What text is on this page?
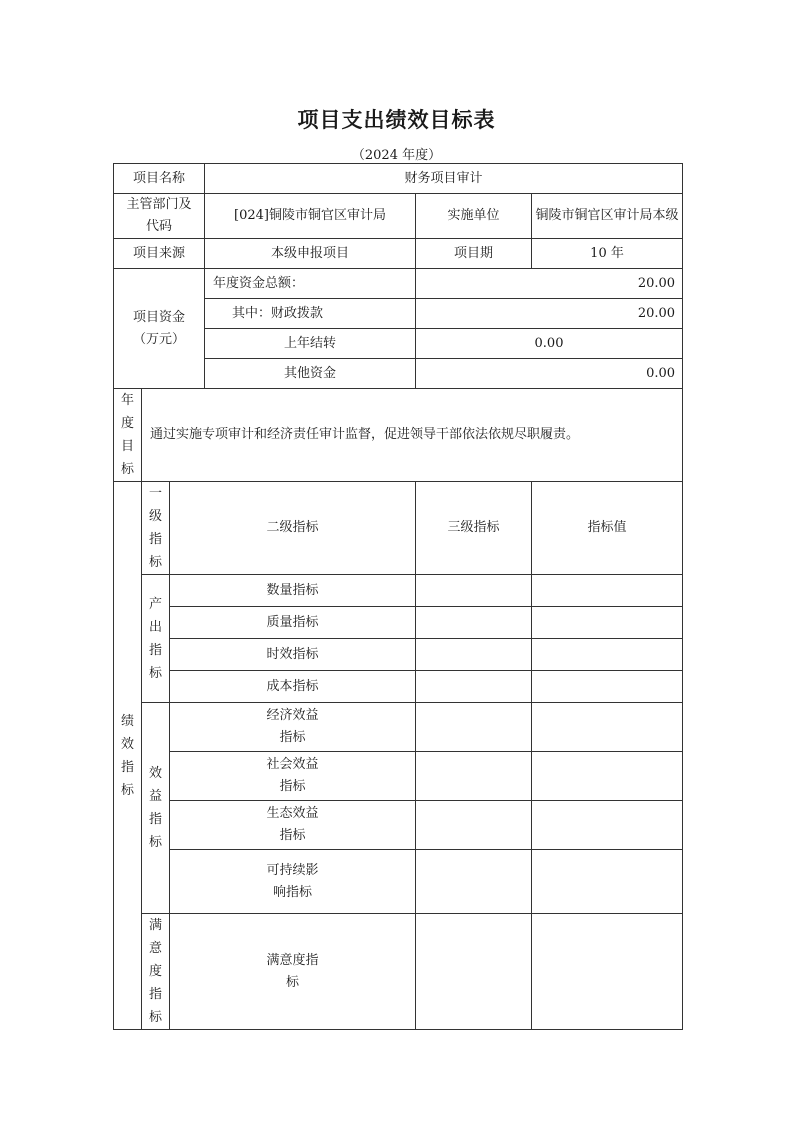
项目支出绩效目标表
（2024 年度）
项目名称			财务项目审计		
主管部门及
代码			[024]铜陵市铜官区审计局	实施单位	铜陵市铜官区审计局本级
项目来源			本级申报项目	项目期	10 年
项目资金
（万元）			年度资金总额：	20.00	
			其中：财政拨款	20.00	
			上年结转	0.00	
			其他资金	0.00	
年
度
目
标	通过实施专项审计和经济责任审计监督，促进领导干部依法依规尽职履责。				
绩
效
指
标	一
级
指
标	二级指标		三级指标	指标值
	产
出
指
标	数量指标			
		质量指标			
		时效指标			
		成本指标			
	效
益
指
标	经济效益
指标			
		社会效益
指标			
		生态效益
指标			
		可持续影
响指标			
	满
意
度
指
标	满意度指
标			
